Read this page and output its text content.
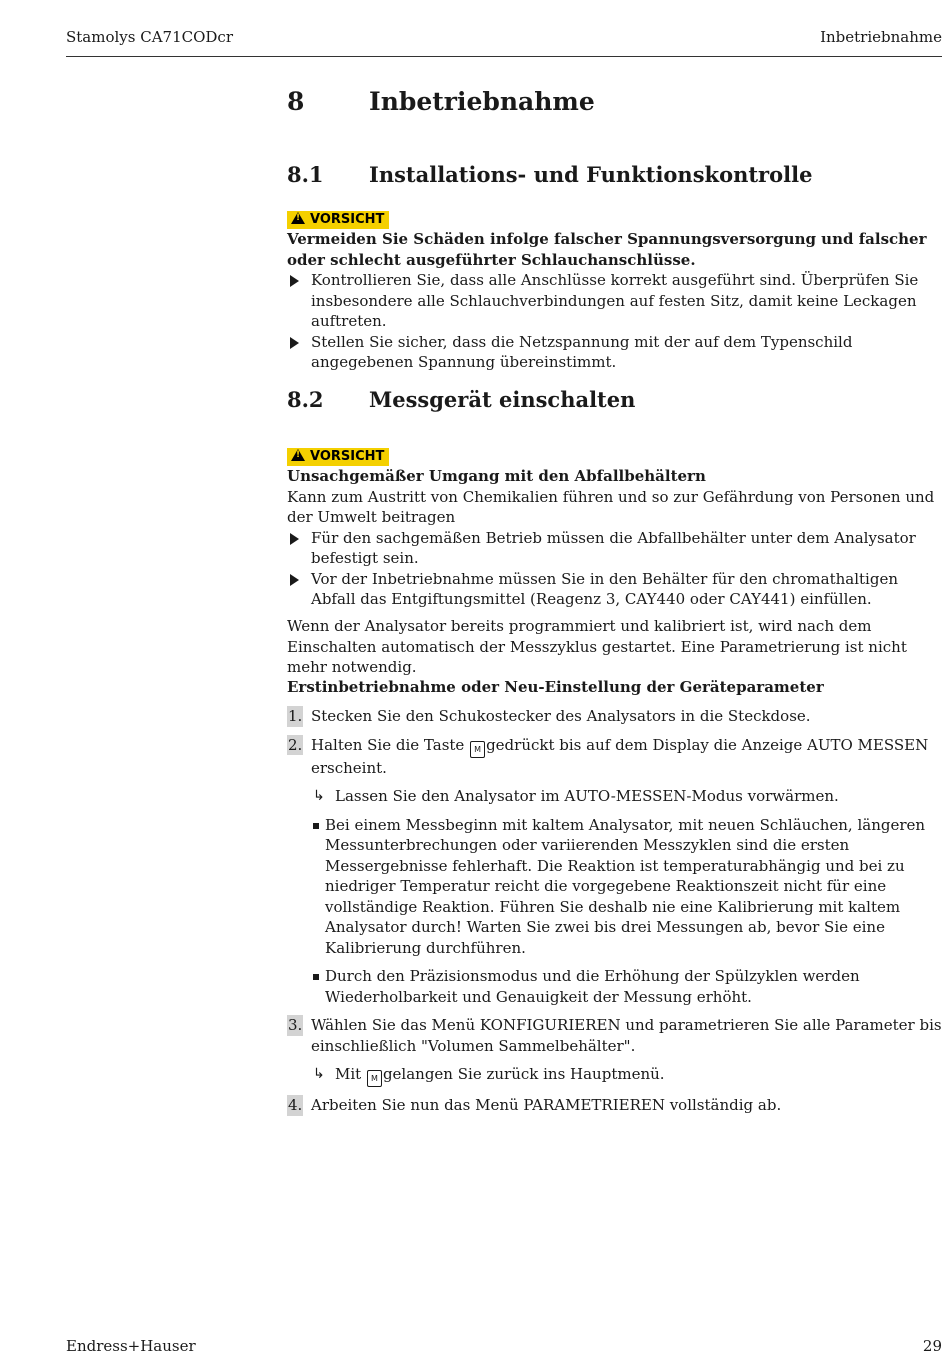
Stamolys CA71CODcr	Inbetriebnahme
8	Inbetriebnahme
8.1 Installations- und Funktionskontrolle
!VORSICHT
Vermeiden Sie Schäden infolge falscher Spannungsversorgung und falscher oder schlecht ausgeführter Schlauchanschlüsse.
Kontrollieren Sie, dass alle Anschlüsse korrekt ausgeführt sind. Überprüfen Sie insbesondere alle Schlauchverbindungen auf festen Sitz, damit keine Leckagen auftreten.
Stellen Sie sicher, dass die Netzspannung mit der auf dem Typenschild angegebenen Spannung übereinstimmt.
8.2 Messgerät einschalten
!VORSICHT
Unsachgemäßer Umgang mit den Abfallbehältern
Kann zum Austritt von Chemikalien führen und so zur Gefährdung von Personen und der Umwelt beitragen
Für den sachgemäßen Betrieb müssen die Abfallbehälter unter dem Analysator befestigt sein.
Vor der Inbetriebnahme müssen Sie in den Behälter für den chromathaltigen Abfall das Entgiftungsmittel (Reagenz 3, CAY440 oder CAY441) einfüllen.
Wenn der Analysator bereits programmiert und kalibriert ist, wird nach dem Einschalten automatisch der Messzyklus gestartet. Eine Parametrierung ist nicht mehr notwendig.
Erstinbetriebnahme oder Neu-Einstellung der Geräteparameter
1. Stecken Sie den Schukostecker des Analysators in die Steckdose.
2. Halten Sie die Taste M gedrückt bis auf dem Display die Anzeige AUTO MESSEN erscheint.
↳ Lassen Sie den Analysator im AUTO-MESSEN-Modus vorwärmen.
Bei einem Messbeginn mit kaltem Analysator, mit neuen Schläuchen, längeren Messunterbrechungen oder variierenden Messzyklen sind die ersten Messergebnisse fehlerhaft. Die Reaktion ist temperaturabhängig und bei zu niedriger Temperatur reicht die vorgegebene Reaktionszeit nicht für eine vollständige Reaktion. Führen Sie deshalb nie eine Kalibrierung mit kaltem Analysator durch! Warten Sie zwei bis drei Messungen ab, bevor Sie eine Kalibrierung durchführen.
Durch den Präzisionsmodus und die Erhöhung der Spülzyklen werden Wiederholbarkeit und Genauigkeit der Messung erhöht.
3. Wählen Sie das Menü KONFIGURIEREN und parametrieren Sie alle Parameter bis einschließlich "Volumen Sammelbehälter".
↳ Mit M gelangen Sie zurück ins Hauptmenü.
4. Arbeiten Sie nun das Menü PARAMETRIEREN vollständig ab.
Endress+Hauser	29
